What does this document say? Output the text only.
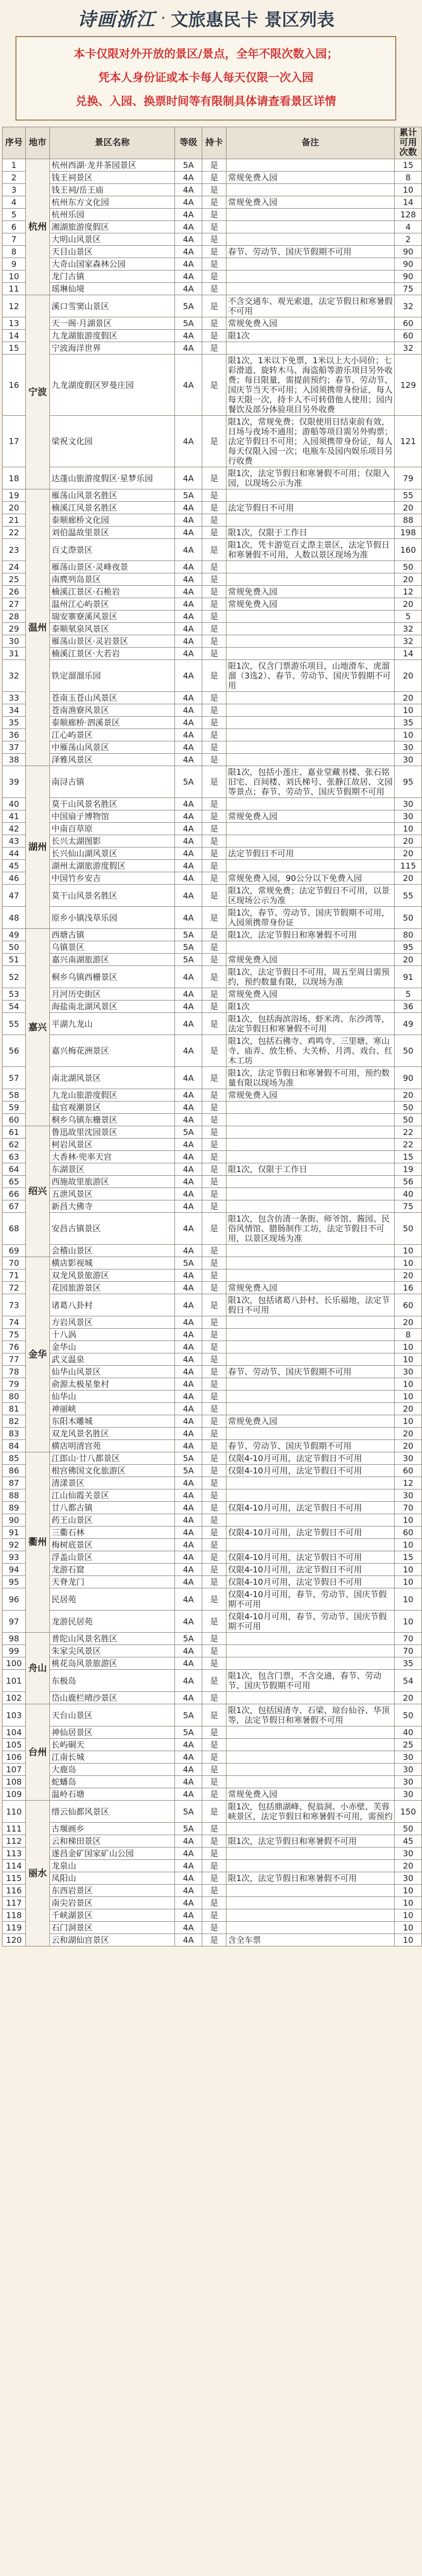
诗画浙江 · 文旅惠民卡 景区列表
本卡仅限对外开放的景区/景点，全年不限次数入园；
凭本人身份证或本卡每人每天仅限一次入园
兑换、入园、换票时间等有限制具体请查看景区详情
序号	地市	景区名称	等级	持卡	备注	累计可用次数
1	杭州	杭州西湖·龙井茶园景区	5A	是		15
2		钱王祠景区	4A	是	常规免费入园	8
3		钱王祠/岳王庙	4A	是		10
4		杭州东方文化园	4A	是	常规免费入园	14
5		杭州乐园	4A	是		128
6		湘湖旅游度假区	4A	是		4
7		大明山风景区	4A	是		2
8		天目山景区	4A	是	春节、劳动节、国庆节假期不可用	90
9		大奇山国家森林公园	4A	是		90
10		龙门古镇	4A	是		90
11		瑶琳仙境	4A	是		75
12	宁波	溪口雪窦山景区	5A	是	不含交通车、观光索道，法定节假日和寒暑假不可用	32
13		天一阁·月湖景区	5A	是	常规免费入园	60
14		九龙湖旅游度假区	4A	是	限1次	60
15		宁波海洋世界	4A	是		32
16		九龙湖度假区罗曼庄园	4A	是	限1次，1米以下免票，1米以上大小同价；七彩滑道、旋转木马、海盗船等游乐项目另外收费；每日限量，需提前预约；春节、劳动节、国庆节当天不可用；入园须携带身份证，每人每天限一次，持卡人不可转借他人使用；园内餐饮及部分体验项目另外收费	129
17		梁祝文化园	4A	是	限1次，常规免费；仅限使用日结束前有效，日场与夜场不通用；游船等项目需另外购票；法定节假日不可用；入园须携带身份证，每人每天仅限入园一次；电瓶车及园内娱乐项目另行收费	121
18		达蓬山旅游度假区·星梦乐园	4A	是	限1次，法定节假日和寒暑假不可用；仅限入园，以现场公示为准	79
19	温州	雁荡山风景名胜区	5A	是		55
20		楠溪江风景名胜区	4A	是	法定节假日不可用	20
21		泰顺廊桥文化园	4A	是		88
22		刘伯温故里景区	4A	是	限1次，仅限于工作日	198
23		百丈漈景区	4A	是	限1次，凭卡游览百丈漈主景区，法定节假日和寒暑假不可用，人数以景区现场为准	160
24		雁荡山景区·灵峰夜景	4A	是		50
25		南麂列岛景区	4A	是		20
26		楠溪江景区·石桅岩	4A	是	常规免费入园	12
27		温州江心屿景区	4A	是	常规免费入园	20
28		瑞安寨寮溪风景区	4A	是		5
29		泰顺氡泉风景区	4A	是		32
30		雁荡山景区·灵岩景区	4A	是		32
31		楠溪江景区·大若岩	4A	是		14
32		铁定溜溜乐园	4A	是	限1次，仅含门票游乐项目，山地滑车、虎溜溜（3选2）、春节、劳动节、国庆节假期不可用	20
33		苍南玉苍山风景区	4A	是		20
34		苍南渔寮风景区	4A	是		10
35		泰顺廊桥·泗溪景区	4A	是		35
36		江心屿景区	4A	是		10
37		中雁荡山风景区	4A	是		30
38		泽雅风景区	4A	是		30
39	湖州	南浔古镇	5A	是	限1次，包括小莲庄、嘉业堂藏书楼、张石铭旧宅、百间楼、刘氏梯号、张静江故居、文园等景点；春节、劳动节、国庆节假期不可用	95
40		莫干山风景名胜区	4A	是		30
41		中国扇子博物馆	4A	是	常规免费入园	30
42		中南百草原	4A	是		10
43		长兴太湖图影	4A	是		20
44		长兴仙山湖风景区	4A	是	法定节假日不可用	20
45		湖州太湖旅游度假区	4A	是		115
46		中国竹乡安吉	4A	是	常规免费入园，90公分以下免费入园	20
47		莫干山风景名胜区	4A	是	限1次，常规免费；法定节假日不可用，以景区现场公示为准	55
48		原乡小镇浅草乐园	4A	是	限1次，春节、劳动节、国庆节假期不可用，入园须携带身份证	50
49	嘉兴	西塘古镇	5A	是	限1次，法定节假日和寒暑假不可用	80
50		乌镇景区	5A	是		95
51		嘉兴南湖旅游区	5A	是	常规免费入园	20
52		桐乡乌镇西栅景区	4A	是	限1次，法定节假日不可用，周五至周日需预约，预约数量有限，以现场为准	91
53		月河历史街区	4A	是	常规免费入园	5
54		海盐南北湖风景区	4A	是	限1次	36
55		平湖九龙山	4A	是	限1次，包括海滨浴场、虾米湾、东沙湾等，法定节假日和寒暑假不可用	49
56		嘉兴梅花洲景区	4A	是	限1次，包括石佛寺、鸡鸣寺、三里塘、寒山寺、庙弄、放生桥、大关桥、月湾、戏台、红木工坊	50
57		南北湖风景区	4A	是	限1次，法定节假日和寒暑假不可用，预约数量有限以现场为准	90
58		九龙山旅游度假区	4A	是	常规免费入园	20
59		盐官观潮景区	4A	是		50
60		桐乡乌镇东栅景区	4A	是		50
61	绍兴	鲁迅故里沈园景区	5A	是		22
62		柯岩风景区	4A	是		22
63		大香林·兜率天宫	4A	是		15
64		东湖景区	4A	是	限1次，仅限于工作日	19
65		西施故里旅游区	4A	是		56
66		五泄风景区	4A	是		40
67		新昌大佛寺	4A	是		75
68		安昌古镇景区	4A	是	限1次，包含仿清一条街、师爷馆、酱园、民俗风情馆、腊肠制作工坊，法定节假日不可用，以景区现场为准	50
69		会稽山景区	4A	是		10
70	金华	横店影视城	5A	是		10
71		双龙风景旅游区	4A	是		20
72		花园旅游景区	4A	是	常规免费入园	16
73		诸葛八卦村	4A	是	限1次，包括诸葛八卦村、长乐福地，法定节假日不可用	60
74		方岩风景区	4A	是		20
75		十八涡	4A	是		8
76		金华山	4A	是		10
77		武义温泉	4A	是		10
78		仙华山风景区	4A	是	春节、劳动节、国庆节假期不可用	30
79		俞源太极星象村	4A	是		10
80		仙华山	4A	是		10
81		神丽峡	4A	是		20
82		东阳木雕城	4A	是	常规免费入园	10
83		双龙风景名胜区	4A	是		20
84		横店明清宫苑	4A	是	春节、劳动节、国庆节假期不可用	20
85	衢州	江郎山·廿八都景区	5A	是	仅限4-10月可用，法定节假日不可用	30
86		根宫佛国文化旅游区	5A	是	仅限4-10月可用，法定节假日不可用	60
87		清漾景区	4A	是		12
88		江山仙霞关景区	4A	是		30
89		廿八都古镇	4A	是	仅限4-10月可用，法定节假日不可用	70
90		药王山景区	4A	是		10
91		三衢石林	4A	是	仅限4-10月可用，法定节假日不可用	60
92		梅树底景区	4A	是		10
93		浮盖山景区	4A	是	仅限4-10月可用，法定节假日不可用	15
94		龙游石窟	4A	是	仅限4-10月可用，法定节假日不可用	10
95		天脊龙门	4A	是	仅限4-10月可用，法定节假日不可用	10
96		民居苑	4A	是	仅限4-10月可用，春节、劳动节、国庆节假期不可用	10
97		龙游民居苑	4A	是	仅限4-10月可用，春节、劳动节、国庆节假期不可用	10
98	舟山	普陀山风景名胜区	5A	是		70
99		朱家尖风景区	4A	是		70
100		桃花岛风景旅游区	4A	是		35
101		东极岛	4A	是	限1次，包含门票，不含交通，春节、劳动节、国庆节假期不可用	54
102		岱山鹿栏晴沙景区	4A	是		20
103	台州	天台山景区	5A	是	限1次，包括国清寺、石梁、琼台仙谷、华顶等，法定节假日和寒暑假不可用	50
104		神仙居景区	5A	是		40
105		长屿硐天	4A	是		25
106		江南长城	4A	是		30
107		大鹿岛	4A	是		30
108		蛇蟠岛	4A	是		30
109		温岭石塘	4A	是	常规免费入园	30
110	丽水	缙云仙都风景区	5A	是	限1次，包括鼎湖峰、倪翁洞、小赤壁、芙蓉峡景区，法定节假日和寒暑假不可用，需预约	150
111		古堰画乡	5A	是		50
112		云和梯田景区	4A	是	限1次，法定节假日和寒暑假不可用	45
113		遂昌金矿国家矿山公园	4A	是		30
114		龙泉山	4A	是		20
115		凤阳山	4A	是	限1次，法定节假日和寒暑假不可用	30
116		东西岩景区	4A	是		10
117		南尖岩景区	4A	是		10
118		千峡湖景区	4A	是		10
119		石门洞景区	4A	是		10
120		云和湖仙宫景区	4A	是	含全车票	10
